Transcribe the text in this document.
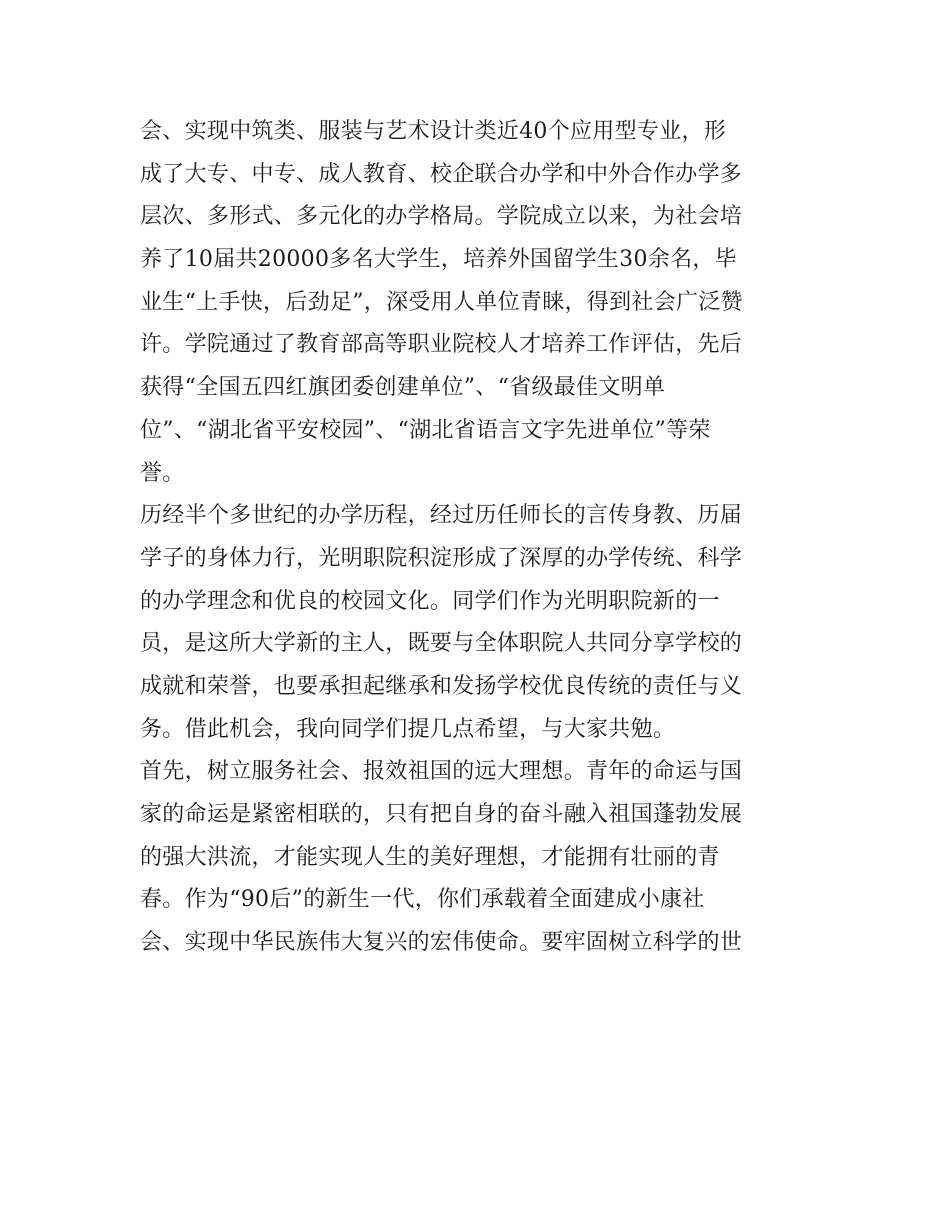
会、实现中筑类、服装与艺术设计类近40个应用型专业，形
成了大专、中专、成人教育、校企联合办学和中外合作办学多
层次、多形式、多元化的办学格局。学院成立以来，为社会培
养了10届共20000多名大学生，培养外国留学生30余名，毕
业生“上手快，后劲足”，深受用人单位青睐，得到社会广泛赞
许。学院通过了教育部高等职业院校人才培养工作评估，先后
获得“全国五四红旗团委创建单位”、“省级最佳文明单
位”、“湖北省平安校园”、“湖北省语言文字先进单位”等荣
誉。
历经半个多世纪的办学历程，经过历任师长的言传身教、历届
学子的身体力行，光明职院积淀形成了深厚的办学传统、科学
的办学理念和优良的校园文化。同学们作为光明职院新的一
员，是这所大学新的主人，既要与全体职院人共同分享学校的
成就和荣誉，也要承担起继承和发扬学校优良传统的责任与义
务。借此机会，我向同学们提几点希望，与大家共勉。
首先，树立服务社会、报效祖国的远大理想。青年的命运与国
家的命运是紧密相联的，只有把自身的奋斗融入祖国蓬勃发展
的强大洪流，才能实现人生的美好理想，才能拥有壮丽的青
春。作为“90后”的新生一代，你们承载着全面建成小康社
会、实现中华民族伟大复兴的宏伟使命。要牢固树立科学的世
